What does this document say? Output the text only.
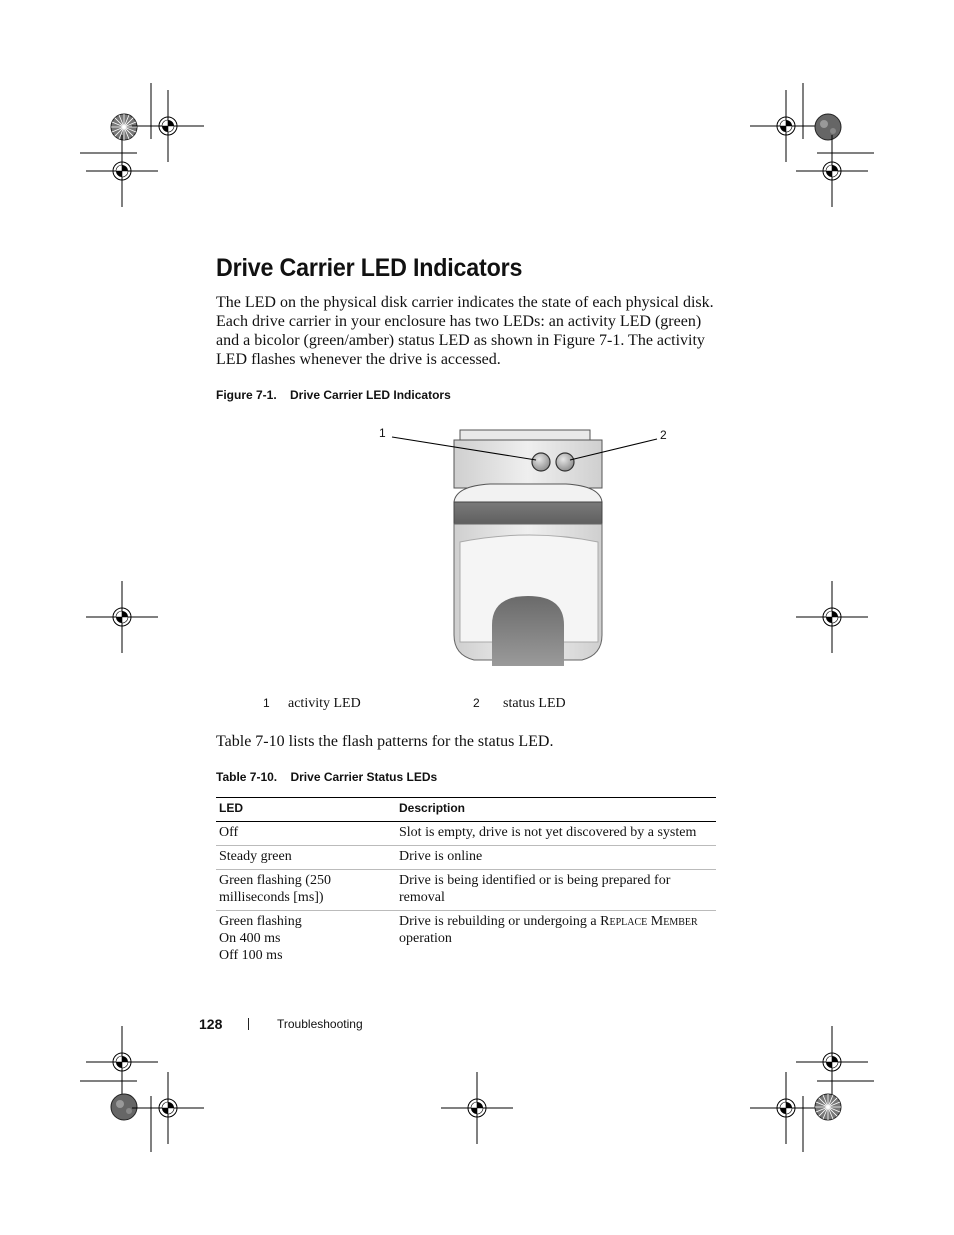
Drive Carrier LED Indicators
The LED on the physical disk carrier indicates the state of each physical disk.
Each drive carrier in your enclosure has two LEDs: an activity LED (green)
and a bicolor (green/amber) status LED as shown in Figure 7-1. The activity
LED flashes whenever the drive is accessed.
Figure 7-1.    Drive Carrier LED Indicators
1	2
1 activity LED	2 status LED
Table 7-10 lists the flash patterns for the status LED.
Table 7-10.    Drive Carrier Status LEDs
LED	Description

Off	Slot is empty, drive is not yet discovered by a system

Steady green	Drive is online

Green flashing (250
milliseconds [ms])	Drive is being identified or is being prepared for removal

Green flashing
On 400 ms
Off 100 ms	Drive is rebuilding or undergoing a Replace Member operation
128	Troubleshooting
